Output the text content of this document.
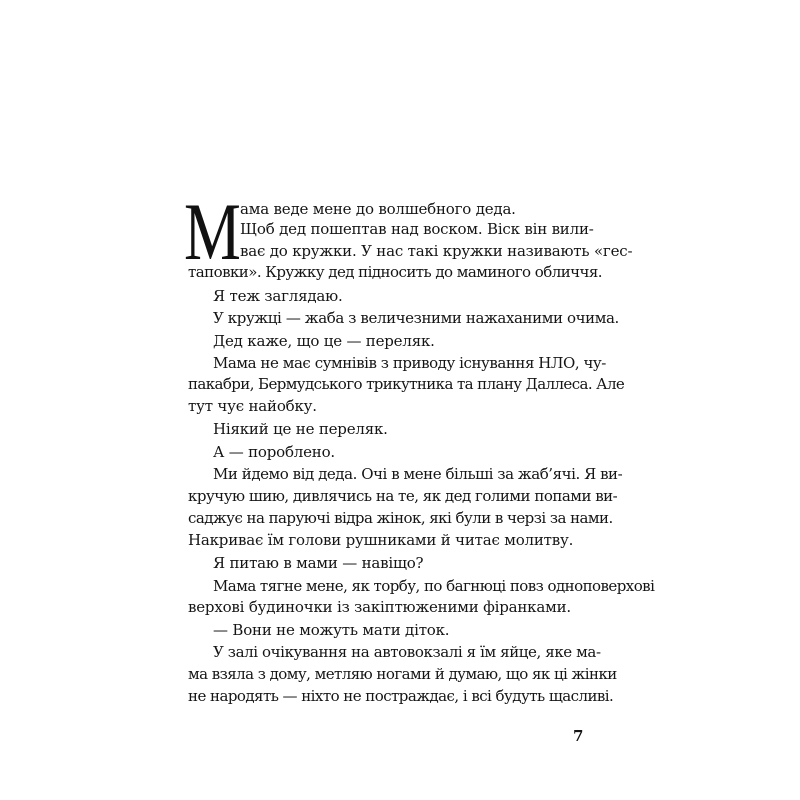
М ама веде мене до волшебного деда.
Щоб дед пошептав над воском. Віск він вили-
ває до кружки. У нас такі кружки називають «гес-
таповки». Кружку дед підносить до маминого обличчя.
Я теж заглядаю.
У кружці — жаба з величезними нажаханими очима.
Дед каже, що це — переляк.
Мама не має сумнівів з приводу існування НЛО, чу-
пакабри, Бермудського трикутника та плану Даллеса. Але
тут чує найобку.
Ніякий це не переляк.
А — пороблено.
Ми йдемо від деда. Очі в мене більші за жаб’ячі. Я ви-
кручую шию, дивлячись на те, як дед голими попами ви-
саджує на паруючі відра жінок, які були в черзі за нами.
Накриває їм голови рушниками й читає молитву.
Я питаю в мами — навіщо?
Мама тягне мене, як торбу, по багнюці повз одноповерхові
верхові будиночки із закіптюженими фіранками.
— Вони не можуть мати діток.
У залі очікування на автовокзалі я їм яйце, яке ма-
ма взяла з дому, метляю ногами й думаю, що як ці жінки
не народять — ніхто не постраждає, і всі будуть щасливі.
7
